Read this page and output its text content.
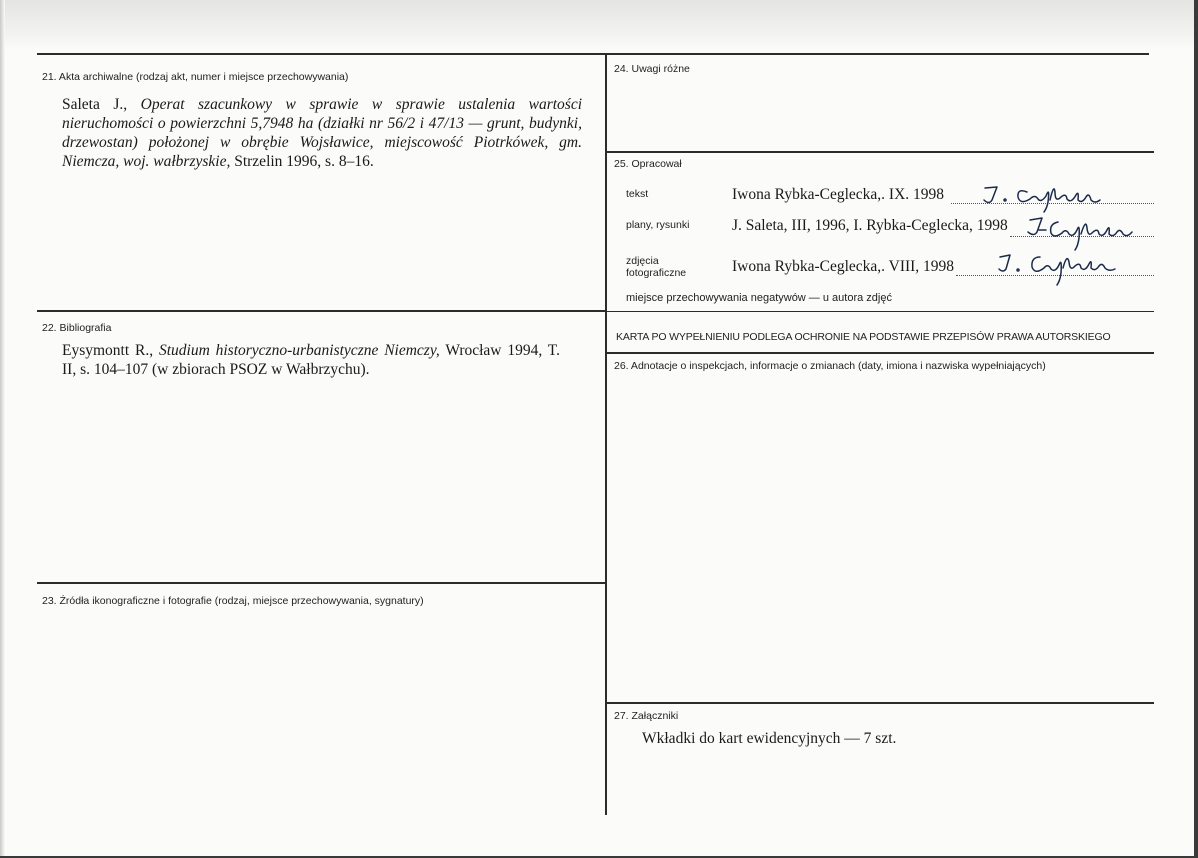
21. Akta archiwalne (rodzaj akt, numer i miejsce przechowywania)
Saleta J., Operat szacunkowy w sprawie w sprawie ustalenia wartości nieruchomości o powierzchni 5,7948 ha (działki nr 56/2 i 47/13 — grunt, budynki, drzewostan) położonej w obrębie Wojsławice, miejscowość Piotrkówek, gm. Niemcza, woj. wałbrzyskie, Strzelin 1996, s. 8–16.
22. Bibliografia
Eysymontt R., Studium historyczno-urbanistyczne Niemczy, Wrocław 1994, T. II, s. 104–107 (w zbiorach PSOZ w Wałbrzychu).
23. Źródła ikonograficzne i fotografie (rodzaj, miejsce przechowywania, sygnatury)
24. Uwagi różne
25. Opracował
tekst	Iwona Rybka-Ceglecka,. IX. 1998
plany, rysunki	J. Saleta, III, 1996, I. Rybka-Ceglecka, 1998
zdjęcia
fotograficzne	Iwona Rybka-Ceglecka,. VIII, 1998
miejsce przechowywania negatywów — u autora zdjęć
KARTA PO WYPEŁNIENIU PODLEGA OCHRONIE NA PODSTAWIE PRZEPISÓW PRAWA AUTORSKIEGO
26. Adnotacje o inspekcjach, informacje o zmianach (daty, imiona i nazwiska wypełniających)
27. Załączniki
Wkładki do kart ewidencyjnych — 7 szt.
